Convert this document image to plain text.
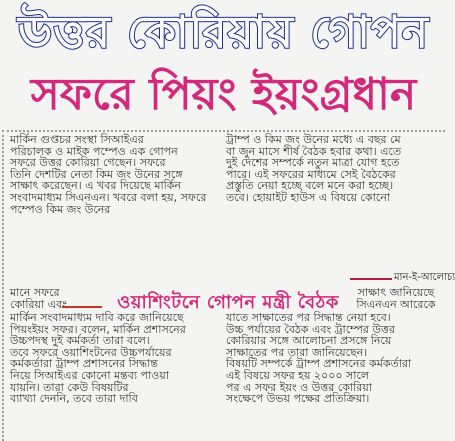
উত্তর কোরিয়ায় গোপন
সফরে পিয়ং ইয়ংগ্রধান
মার্কিন গুপ্তচর সংস্থা সিআইএর
পরিচালক ও মাইক পম্পেও এক গোপন
সফরে উত্তর কোরিয়া গেছেন। সফরে
তিনি দেশটির নেতা কিম জং উনের সঙ্গে
সাক্ষাৎ করেছেন। এ খবর দিয়েছে মার্কিন
সংবাদমাধ্যম সিএনএন। খবরে বলা হয়, সফরে
পম্পেও কিম জং উনের
ট্রাম্প ও কিম জং উনের মধ্যে এ বছর মে
বা জুন মাসে শীর্ষ বৈঠক হবার কথা। এতে
দুই দেশের সম্পর্কে নতুন মাত্রা যোগ হতে
পারে। এই সফরের মাধ্যমে সেই বৈঠকের
প্রস্তুতি নেয়া হচ্ছে বলে মনে করা হচ্ছে।
তবে। হোয়াইট হাউস এ বিষয়ে কোনো
মান-ই-আলোচ্য
মানে সফরে
কোরিয়া এবং	ওয়াশিংটনে গোপন মন্ত্রী বৈঠক	সাক্ষাৎ জানিয়েছে
সিএনএন আরেকে
মার্কিন সংবাদমাধ্যম দাবি করে জানিয়েছে
পিয়ংইয়ং সফর। বলেন, মার্কিন প্রশাসনের
উচ্চপদস্থ দুই কর্মকর্তা তারা বলে।
তবে সফরে ওয়াশিংটনের উচ্চপর্যায়ের
কর্মকর্তারা ট্রাম্প প্রশাসনের সিদ্ধান্ত
নিয়ে সিআইএর কোনো মন্তব্য পাওয়া
যায়নি। তারা কেউ বিষয়টির
ব্যাখ্যা দেননি, তবে তারা দাবি
যাতে সাক্ষাতের পর সিদ্ধান্ত নেয়া হবে।
উচ্চ পর্যায়ের বৈঠক এবং ট্রাম্পের উত্তর
কোরিয়ার সঙ্গে আলোচনা প্রসঙ্গে নিয়ে
সাক্ষাতের পর তারা জানিয়েছেন।
বিষয়টি সম্পর্কে ট্রাম্প প্রশাসনের কর্মকর্তারা
এই বিষয়ে সফর হয় ২০০০ সালে
পর এ সফর ইয়ং ও উত্তর কোরিয়া
সংক্ষেপে উভয় পক্ষের প্রতিক্রিয়া।
